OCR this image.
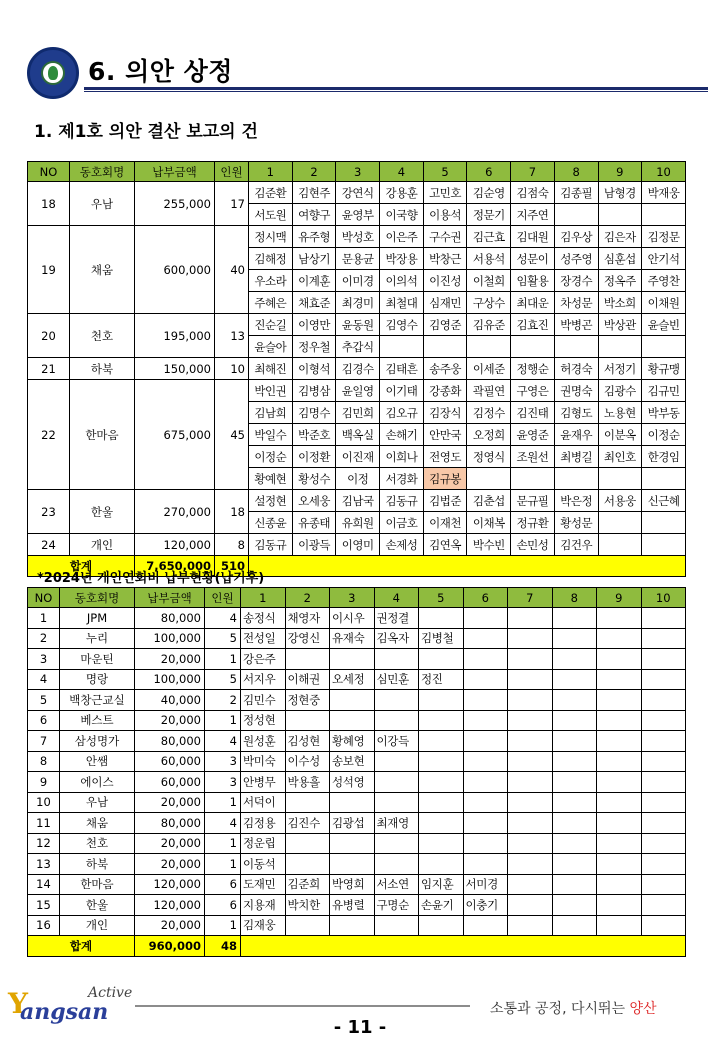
6. 의안 상정
1. 제1호 의안 결산 보고의 건
NO	동호회명	납부금액	인원	1	2	3	4	5	6	7	8	9	10
18	우남	255,000	17	김준환	김현주	강연식	강용훈	고민호	김순영	김점숙	김종필	남형경	박재웅
				서도원	여향구	윤영부	이국향	이용석	정문기	지주연			
19	채움	600,000	40	정시맥	유주형	박성호	이은주	구수권	김근효	김대원	김우상	김은자	김정문
				김해정	남상기	문용균	박장용	박창근	서용석	성문이	성주영	심훈섭	안기석
				우소라	이계훈	이미경	이의석	이진성	이철희	임활용	장경수	정옥주	주영찬
				주혜은	채효준	최경미	최철대	심재민	구상수	최대운	차성문	박소희	이채원
20	천호	195,000	13	진순길	이영만	윤동원	김영수	김영준	김유준	김효진	박병곤	박상관	윤슬빈
				윤슬아	정우철	추갑식							
21	하북	150,000	10	최해진	이형석	김경수	김태흔	송주웅	이세준	정행순	허경숙	서정기	황규맹
22	한마음	675,000	45	박인권	김병삼	윤일영	이기태	강종화	곽필연	구영은	권명숙	김광수	김규민
				김남희	김명수	김민희	김오규	김장식	김정수	김진태	김형도	노용현	박부동
				박일수	박준호	백옥실	손해기	안만국	오정희	윤영준	윤재우	이분옥	이정순
				이정순	이정환	이진재	이희나	전영도	정영식	조원선	최병길	최인호	한경임
				황예현	황성수	이정	서경화	김규봉					
23	한울	270,000	18	설정현	오세웅	김남국	김동규	김법준	김춘섭	문규필	박은정	서용웅	신근혜
				신종윤	유종태	유희원	이금호	이재천	이채복	정규환	황성문		
24	개인	120,000	8	김동규	이광득	이영미	손제성	김연옥	박수빈	손민성	김건우		
합계		7,650,000	510										
*2024년 개인연회비 납부현황(납기후)
NO	동호회명	납부금액	인원	1	2	3	4	5	6	7	8	9	10
1	JPM	80,000	4	송정식	채영자	이시우	권정결						
2	누리	100,000	5	전성일	강영신	유재숙	김옥자	김병철					
3	마운틴	20,000	1	강은주									
4	명랑	100,000	5	서지우	이해권	오세정	심민훈	정진					
5	백창근교실	40,000	2	김민수	정현중								
6	베스트	20,000	1	정성현									
7	삼성명가	80,000	4	원성훈	김성현	황혜영	이강득						
8	안쌤	60,000	3	박미숙	이수성	송보현							
9	에이스	60,000	3	안병무	박용흘	성석영							
10	우남	20,000	1	서덕이									
11	채움	80,000	4	김정용	김진수	김광섭	최재영						
12	천호	20,000	1	정운립									
13	하북	20,000	1	이동석									
14	한마음	120,000	6	도재민	김준희	박영희	서소연	임지훈	서미경				
15	한울	120,000	6	지용재	박치한	유병렬	구명순	손윤기	이충기				
16	개인	20,000	1	김재웅									
합계		960,000	48										
Y	Active
angsan	소통과 공정, 다시뛰는 양산
- 11 -
